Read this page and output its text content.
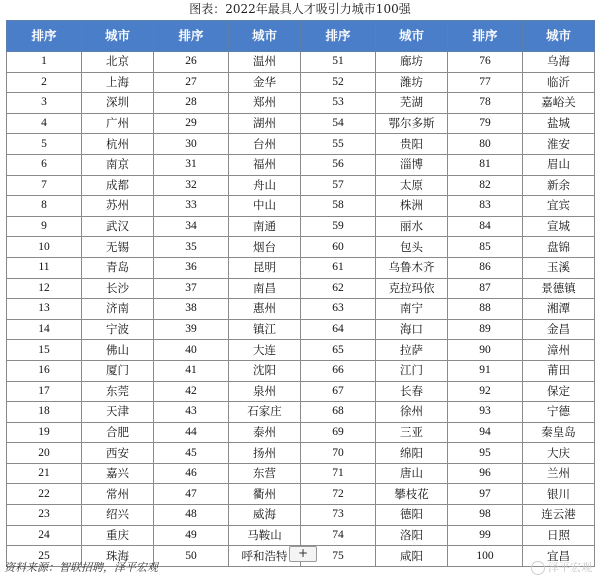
图表：2022年最具人才吸引力城市100强
排序	城市	排序	城市	排序	城市	排序	城市
1	北京	26	温州	51	廊坊	76	乌海
2	上海	27	金华	52	潍坊	77	临沂
3	深圳	28	郑州	53	芜湖	78	嘉峪关
4	广州	29	湖州	54	鄂尔多斯	79	盐城
5	杭州	30	台州	55	贵阳	80	淮安
6	南京	31	福州	56	淄博	81	眉山
7	成都	32	舟山	57	太原	82	新余
8	苏州	33	中山	58	株洲	83	宜宾
9	武汉	34	南通	59	丽水	84	宣城
10	无锡	35	烟台	60	包头	85	盘锦
11	青岛	36	昆明	61	乌鲁木齐	86	玉溪
12	长沙	37	南昌	62	克拉玛依	87	景德镇
13	济南	38	惠州	63	南宁	88	湘潭
14	宁波	39	镇江	64	海口	89	金昌
15	佛山	40	大连	65	拉萨	90	漳州
16	厦门	41	沈阳	66	江门	91	莆田
17	东莞	42	泉州	67	长春	92	保定
18	天津	43	石家庄	68	徐州	93	宁德
19	合肥	44	泰州	69	三亚	94	秦皇岛
20	西安	45	扬州	70	绵阳	95	大庆
21	嘉兴	46	东营	71	唐山	96	兰州
22	常州	47	衢州	72	攀枝花	97	银川
23	绍兴	48	威海	73	德阳	98	连云港
24	重庆	49	马鞍山	74	洛阳	99	日照
25	珠海	50	呼和浩特	75	咸阳	100	宜昌
+
资料来源：智联招聘，泽平宏观	泽平宏观
